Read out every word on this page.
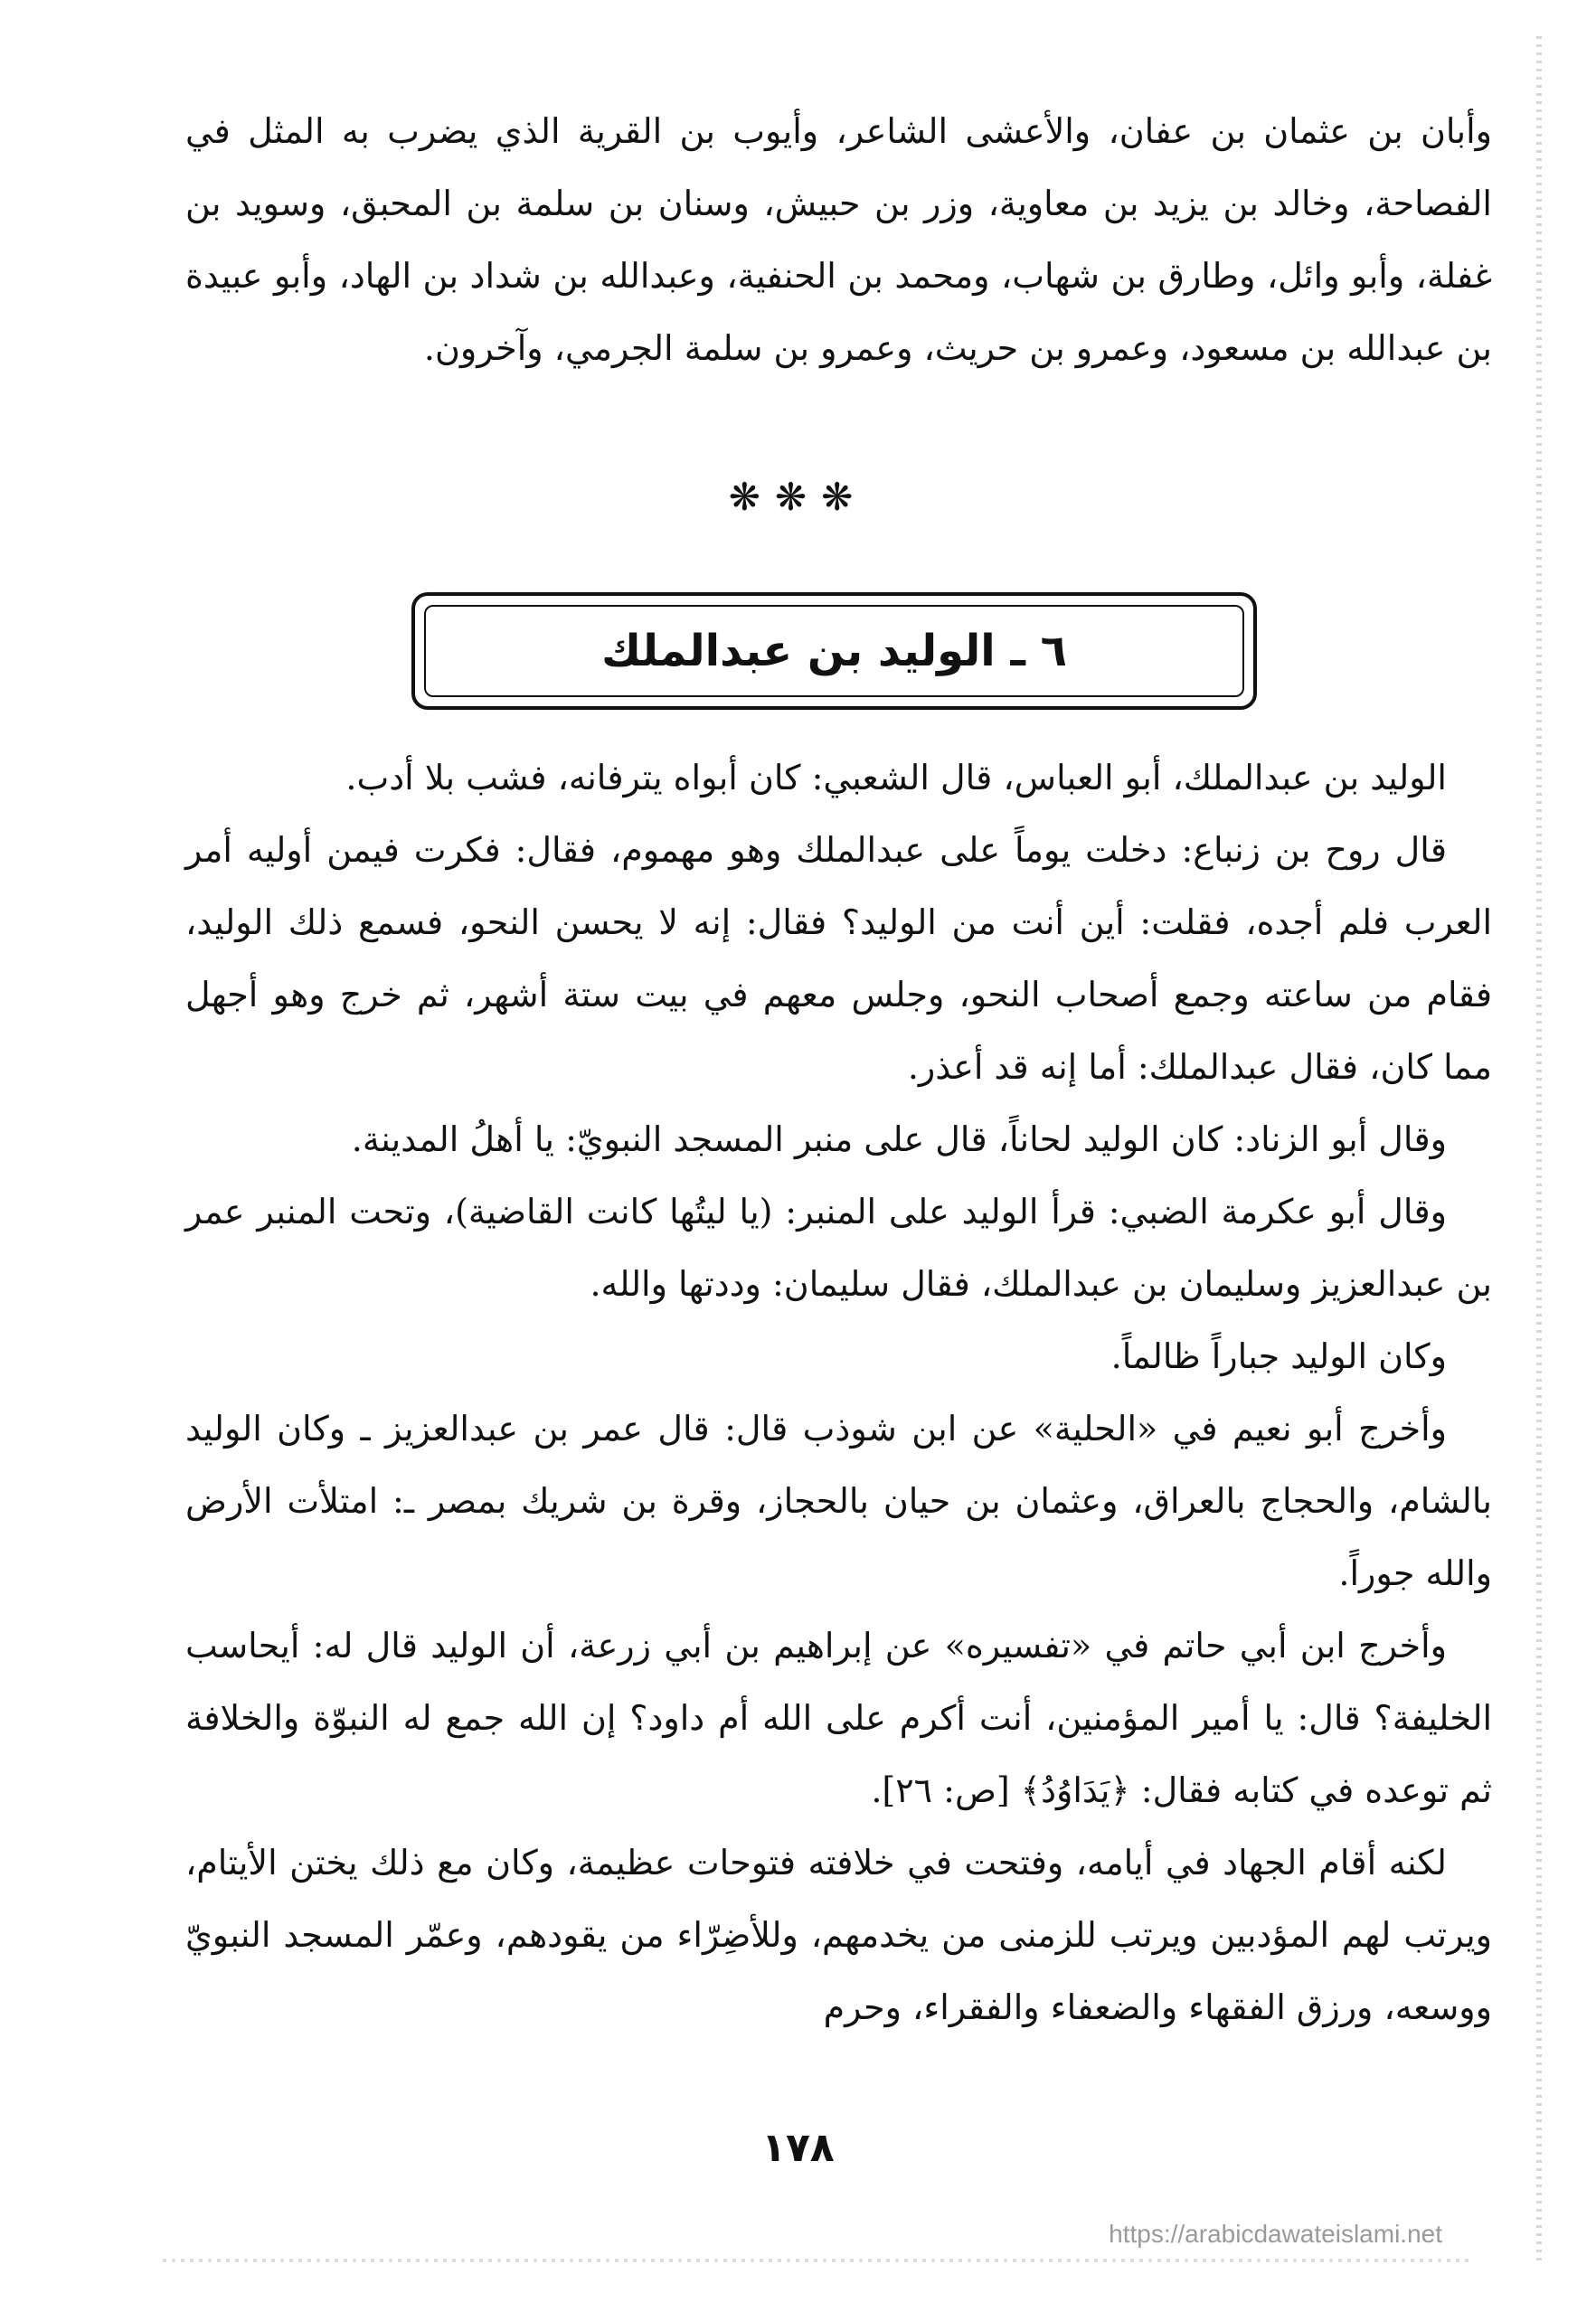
وأبان بن عثمان بن عفان، والأعشى الشاعر، وأيوب بن القرية الذي يضرب به المثل في الفصاحة، وخالد بن يزيد بن معاوية، وزر بن حبيش، وسنان بن سلمة بن المحبق، وسويد بن غفلة، وأبو وائل، وطارق بن شهاب، ومحمد بن الحنفية، وعبدالله بن شداد بن الهاد، وأبو عبيدة بن عبدالله بن مسعود، وعمرو بن حريث، وعمرو بن سلمة الجرمي، وآخرون.

❋❋❋
٦ ـ الوليد بن عبدالملك

الوليد بن عبدالملك، أبو العباس، قال الشعبي: كان أبواه يترفانه، فشب بلا أدب.

قال روح بن زنباع: دخلت يوماً على عبدالملك وهو مهموم، فقال: فكرت فيمن أوليه أمر العرب فلم أجده، فقلت: أين أنت من الوليد؟ فقال: إنه لا يحسن النحو، فسمع ذلك الوليد، فقام من ساعته وجمع أصحاب النحو، وجلس معهم في بيت ستة أشهر، ثم خرج وهو أجهل مما كان، فقال عبدالملك: أما إنه قد أعذر.

وقال أبو الزناد: كان الوليد لحاناً، قال على منبر المسجد النبويّ: يا أهلُ المدينة.

وقال أبو عكرمة الضبي: قرأ الوليد على المنبر: (يا ليتُها كانت القاضية)، وتحت المنبر عمر بن عبدالعزيز وسليمان بن عبدالملك، فقال سليمان: وددتها والله.

وكان الوليد جباراً ظالماً.

وأخرج أبو نعيم في «الحلية» عن ابن شوذب قال: قال عمر بن عبدالعزيز ـ وكان الوليد بالشام، والحجاج بالعراق، وعثمان بن حيان بالحجاز، وقرة بن شريك بمصر ـ: امتلأت الأرض والله جوراً.

وأخرج ابن أبي حاتم في «تفسيره» عن إبراهيم بن أبي زرعة، أن الوليد قال له: أيحاسب الخليفة؟ قال: يا أمير المؤمنين، أنت أكرم على الله أم داود؟ إن الله جمع له النبوّة والخلافة ثم توعده في كتابه فقال: ﴿يَدَاوُدُ﴾ [ص: ٢٦].

لكنه أقام الجهاد في أيامه، وفتحت في خلافته فتوحات عظيمة، وكان مع ذلك يختن الأيتام، ويرتب لهم المؤدبين ويرتب للزمنى من يخدمهم، وللأضِرّاء من يقودهم، وعمّر المسجد النبويّ ووسعه، ورزق الفقهاء والضعفاء والفقراء، وحرم

١٧٨
https://arabicdawateislami.net
